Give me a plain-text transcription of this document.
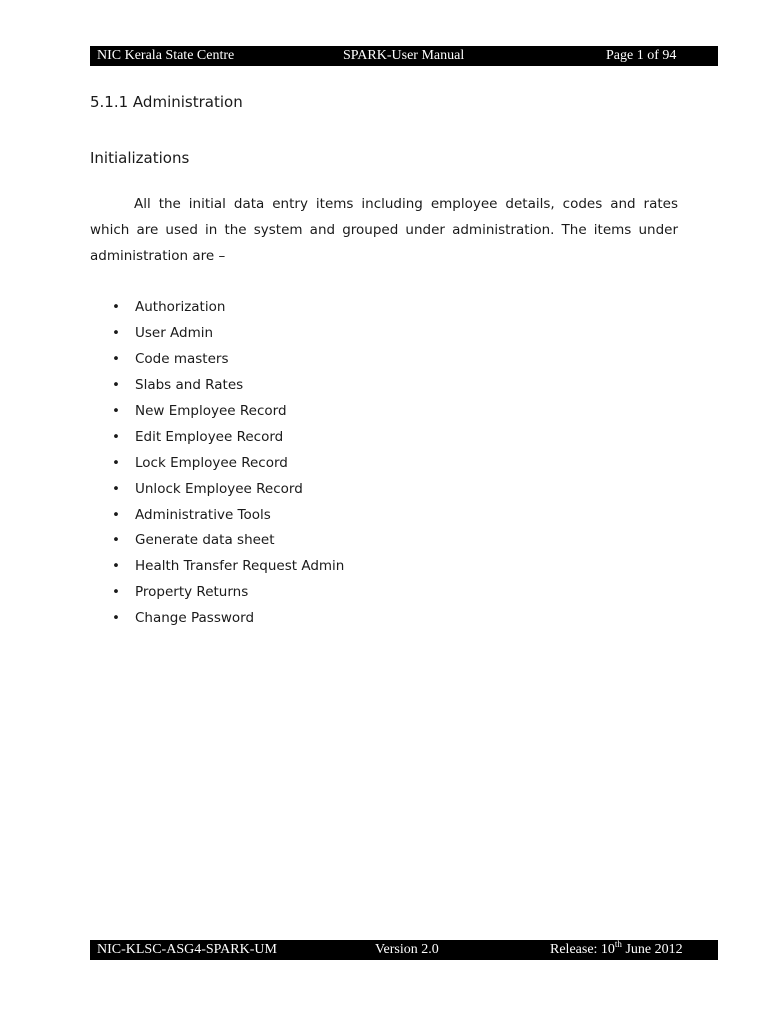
NIC Kerala State Centre	SPARK-User Manual	Page 1 of 94
5.1.1 Administration
Initializations

All the initial data entry items including employee details, codes and rates which are used in the system and grouped under administration. The items under administration are –

• Authorization
• User Admin
• Code masters
• Slabs and Rates
• New Employee Record
• Edit Employee Record
• Lock Employee Record
• Unlock Employee Record
• Administrative Tools
• Generate data sheet
• Health Transfer Request Admin
• Property Returns
• Change Password
NIC-KLSC-ASG4-SPARK-UM	Version 2.0	Release: 10th June 2012
